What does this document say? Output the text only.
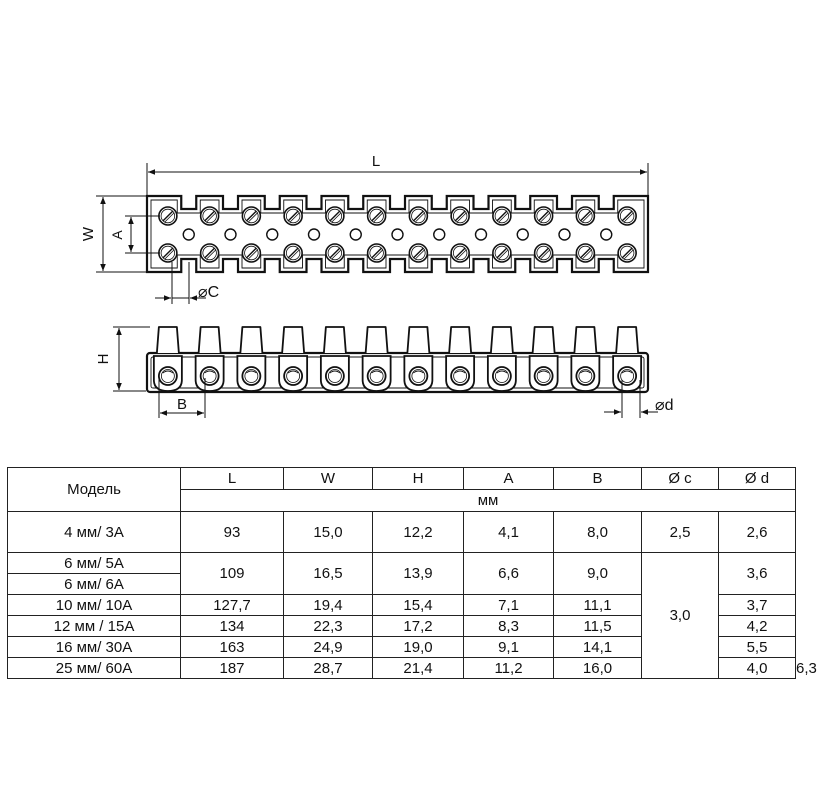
L
W A
⌀C
H
B	⌀d
Модель	L	W	H	A	B	Ø c	Ø d	
	мм							
4 мм/ 3А	93	15,0	12,2	4,1	8,0	2,5	2,6	
6 мм/ 5А	109	16,5	13,9	6,6	9,0	3,0	3,6	
6 мм/ 6А								
10 мм/ 10А	127,7	19,4	15,4	7,1	11,1		3,7	
12 мм / 15А	134	22,3	17,2	8,3	11,5		4,2	
16 мм/ 30А	163	24,9	19,0	9,1	14,1		5,5	
25 мм/ 60А	187	28,7	21,4	11,2	16,0		4,0	6,3
